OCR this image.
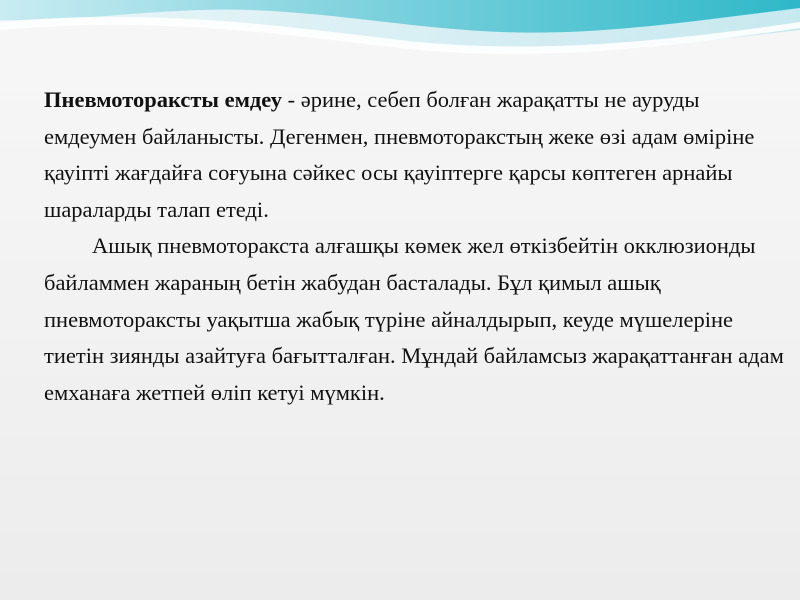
Пневмотораксты емдеу - әрине, себеп болған жарақатты не ауруды емдеумен байланысты. Дегенмен, пневмоторакстың жеке өзі адам өміріне қауіпті жағдайға соғуына сәйкес осы қауіптерге қарсы көптеген арнайы шараларды талап етеді.

Ашық пневмоторакста алғашқы көмек жел өткізбейтін окклюзионды байламмен жараның бетін жабудан басталады. Бұл қимыл ашық пневмотораксты уақытша жабық түріне айналдырып, кеуде мүшелеріне тиетін зиянды азайтуға бағытталған. Мұндай байламсыз жарақаттанған адам емханаға жетпей өліп кетуі мүмкін.
